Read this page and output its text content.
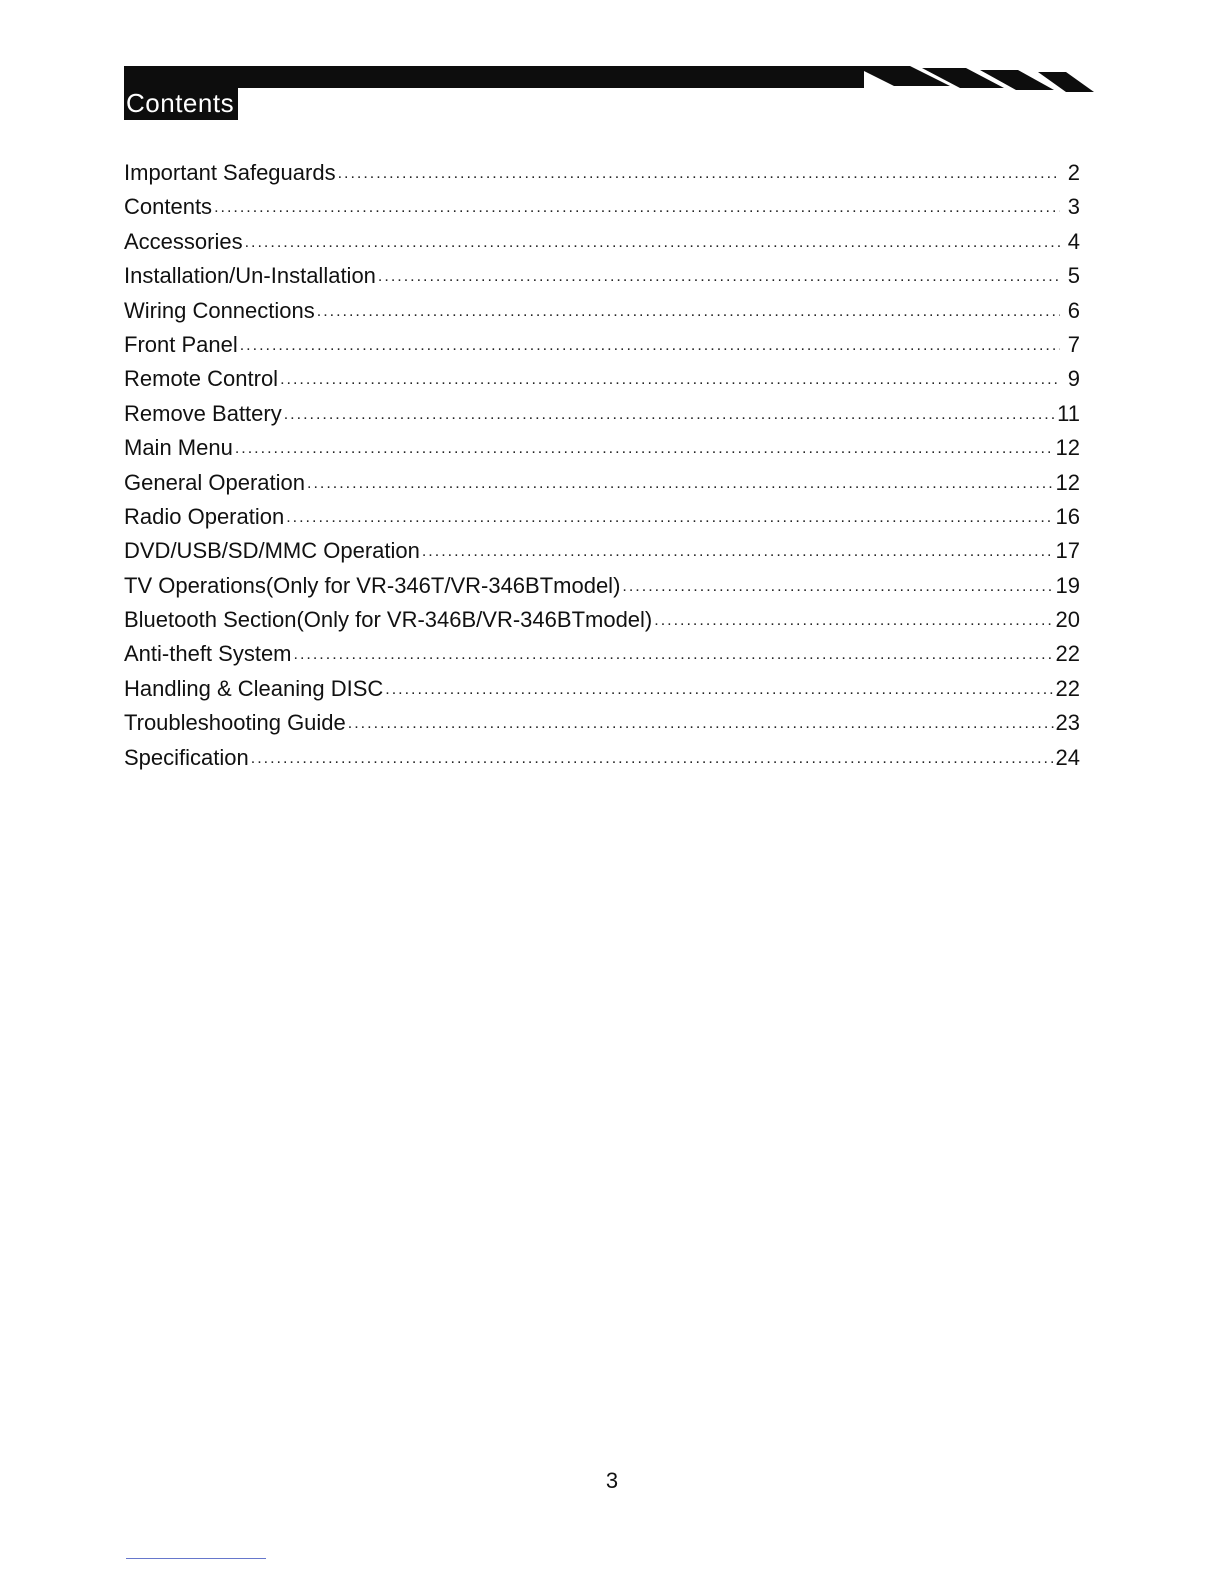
Contents
Important Safeguards .....	2
Contents .....	3
Accessories .....	4
Installation/Un-Installation .....	5
Wiring Connections .....	6
Front Panel .....	7
Remote Control .....	9
Remove Battery .....	11
Main Menu .....	12
General Operation .....	12
Radio Operation .....	16
DVD/USB/SD/MMC Operation .....	17
TV Operations(Only for VR-346T/VR-346BTmodel) .....	19
Bluetooth Section(Only for VR-346B/VR-346BTmodel) .....	20
Anti-theft System .....	22
Handling & Cleaning DISC .....	22
Troubleshooting Guide .....	23
Specification .....	24
3
